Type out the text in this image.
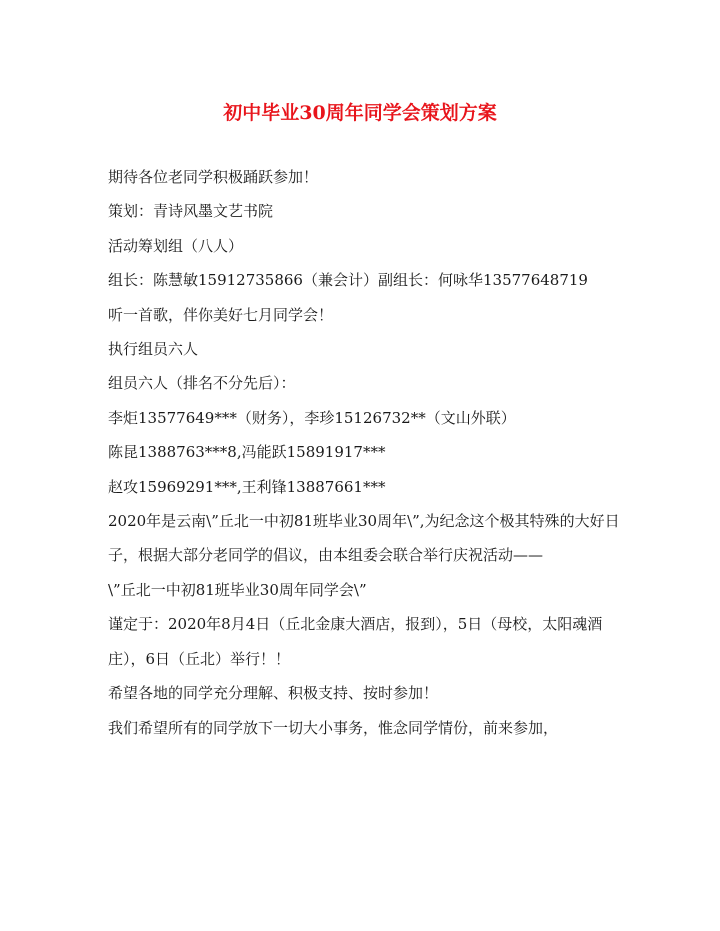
初中毕业30周年同学会策划方案

期待各位老同学积极踊跃参加！

策划：青诗风墨文艺书院

活动筹划组（八人）

组长：陈慧敏15912735866（兼会计）副组长：何咏华13577648719

听一首歌，伴你美好七月同学会！

执行组员六人

组员六人（排名不分先后）：

李炬13577649***（财务），李珍15126732**（文山外联）

陈昆1388763***8,冯能跃15891917***

赵攻15969291***,王利锋13887661***

2020年是云南\”丘北一中初81班毕业30周年\”,为纪念这个极其特殊的大好日子，根据大部分老同学的倡议，由本组委会联合举行庆祝活动——

\”丘北一中初81班毕业30周年同学会\”

谨定于：2020年8月4日（丘北金康大酒店，报到），5日（母校，太阳魂酒庄），6日（丘北）举行！！

希望各地的同学充分理解、积极支持、按时参加！

我们希望所有的同学放下一切大小事务，惟念同学情份，前来参加，
